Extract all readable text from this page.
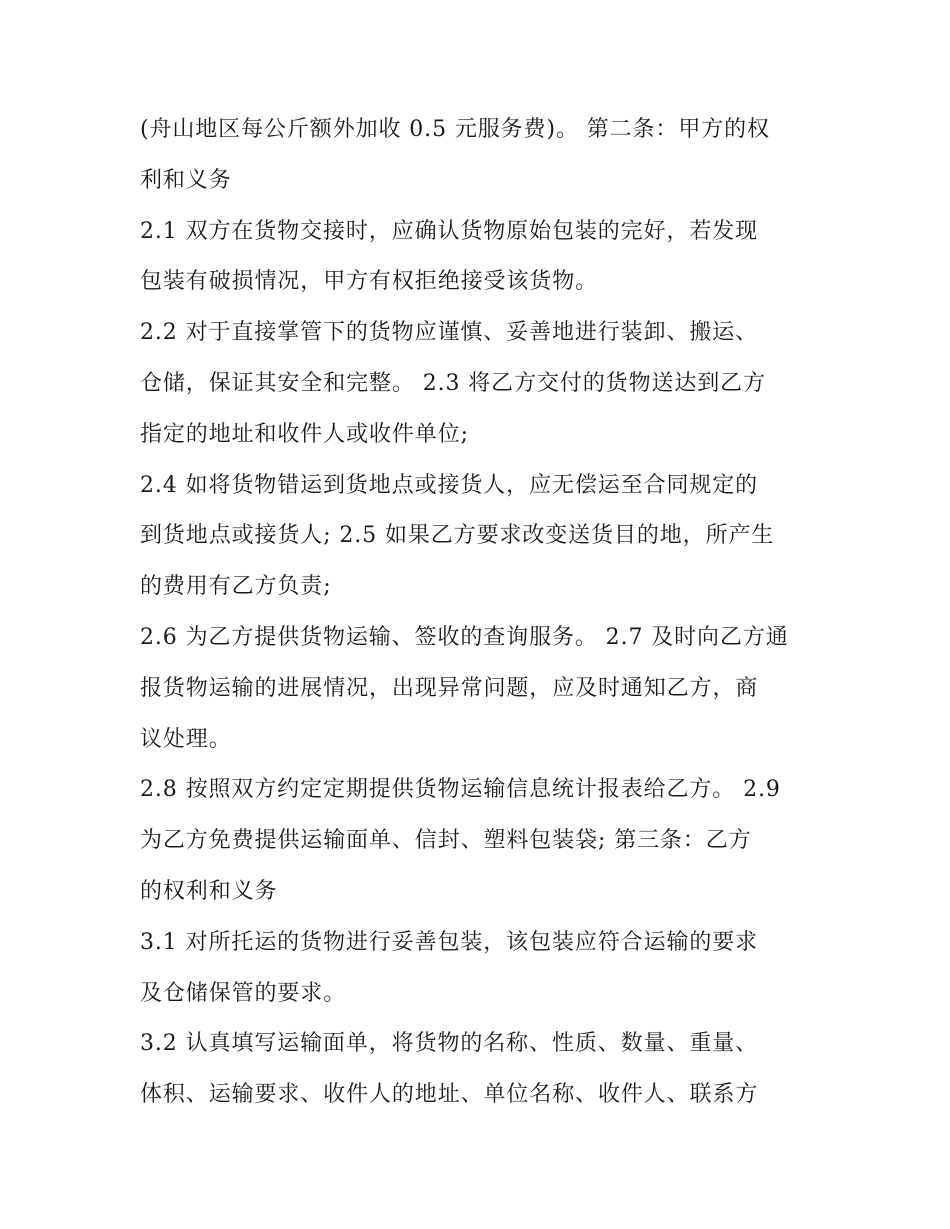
(舟山地区每公斤额外加收 0.5 元服务费)。 第二条：甲方的权
利和义务
2.1 双方在货物交接时，应确认货物原始包装的完好，若发现
包装有破损情况，甲方有权拒绝接受该货物。
2.2 对于直接掌管下的货物应谨慎、妥善地进行装卸、搬运、
仓储，保证其安全和完整。 2.3 将乙方交付的货物送达到乙方
指定的地址和收件人或收件单位;
2.4 如将货物错运到货地点或接货人，应无偿运至合同规定的
到货地点或接货人; 2.5 如果乙方要求改变送货目的地，所产生
的费用有乙方负责;
2.6 为乙方提供货物运输、签收的查询服务。 2.7 及时向乙方通
报货物运输的进展情况，出现异常问题，应及时通知乙方，商
议处理。
2.8 按照双方约定定期提供货物运输信息统计报表给乙方。 2.9
为乙方免费提供运输面单、信封、塑料包装袋; 第三条：乙方
的权利和义务
3.1 对所托运的货物进行妥善包装，该包装应符合运输的要求
及仓储保管的要求。
3.2 认真填写运输面单，将货物的名称、性质、数量、重量、
体积、运输要求、收件人的地址、单位名称、收件人、联系方
